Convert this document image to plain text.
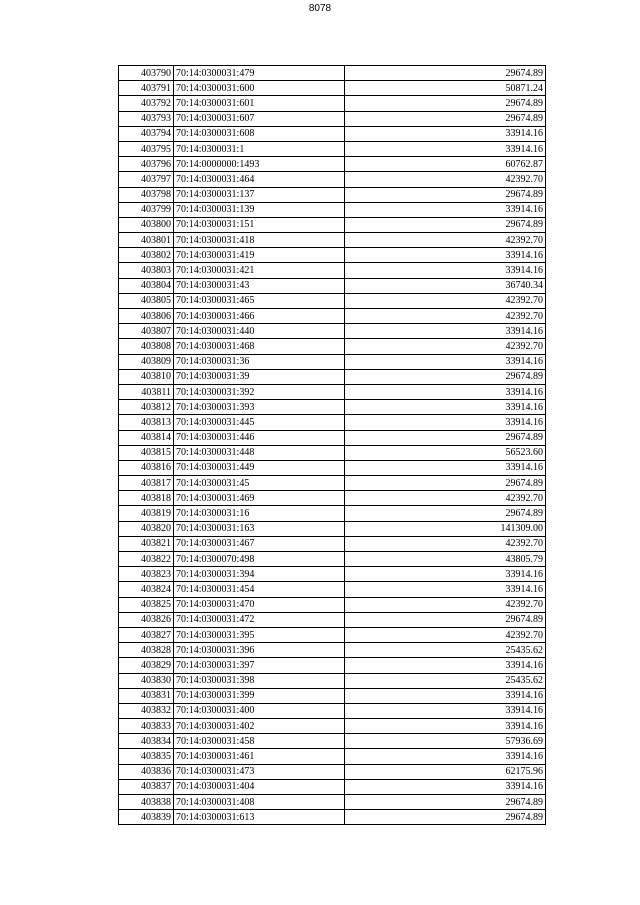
8078
403790	70:14:0300031:479	29674.89
403791	70:14:0300031:600	50871.24
403792	70:14:0300031:601	29674.89
403793	70:14:0300031:607	29674.89
403794	70:14:0300031:608	33914.16
403795	70:14:0300031:1	33914.16
403796	70:14:0000000:1493	60762.87
403797	70:14:0300031:464	42392.70
403798	70:14:0300031:137	29674.89
403799	70:14:0300031:139	33914.16
403800	70:14:0300031:151	29674.89
403801	70:14:0300031:418	42392.70
403802	70:14:0300031:419	33914.16
403803	70:14:0300031:421	33914.16
403804	70:14:0300031:43	36740.34
403805	70:14:0300031:465	42392.70
403806	70:14:0300031:466	42392.70
403807	70:14:0300031:440	33914.16
403808	70:14:0300031:468	42392.70
403809	70:14:0300031:36	33914.16
403810	70:14:0300031:39	29674.89
403811	70:14:0300031:392	33914.16
403812	70:14:0300031:393	33914.16
403813	70:14:0300031:445	33914.16
403814	70:14:0300031:446	29674.89
403815	70:14:0300031:448	56523.60
403816	70:14:0300031:449	33914.16
403817	70:14:0300031:45	29674.89
403818	70:14:0300031:469	42392.70
403819	70:14:0300031:16	29674.89
403820	70:14:0300031:163	141309.00
403821	70:14:0300031:467	42392.70
403822	70:14:0300070:498	43805.79
403823	70:14:0300031:394	33914.16
403824	70:14:0300031:454	33914.16
403825	70:14:0300031:470	42392.70
403826	70:14:0300031:472	29674.89
403827	70:14:0300031:395	42392.70
403828	70:14:0300031:396	25435.62
403829	70:14:0300031:397	33914.16
403830	70:14:0300031:398	25435.62
403831	70:14:0300031:399	33914.16
403832	70:14:0300031:400	33914.16
403833	70:14:0300031:402	33914.16
403834	70:14:0300031:458	57936.69
403835	70:14:0300031:461	33914.16
403836	70:14:0300031:473	62175.96
403837	70:14:0300031:404	33914.16
403838	70:14:0300031:408	29674.89
403839	70:14:0300031:613	29674.89
